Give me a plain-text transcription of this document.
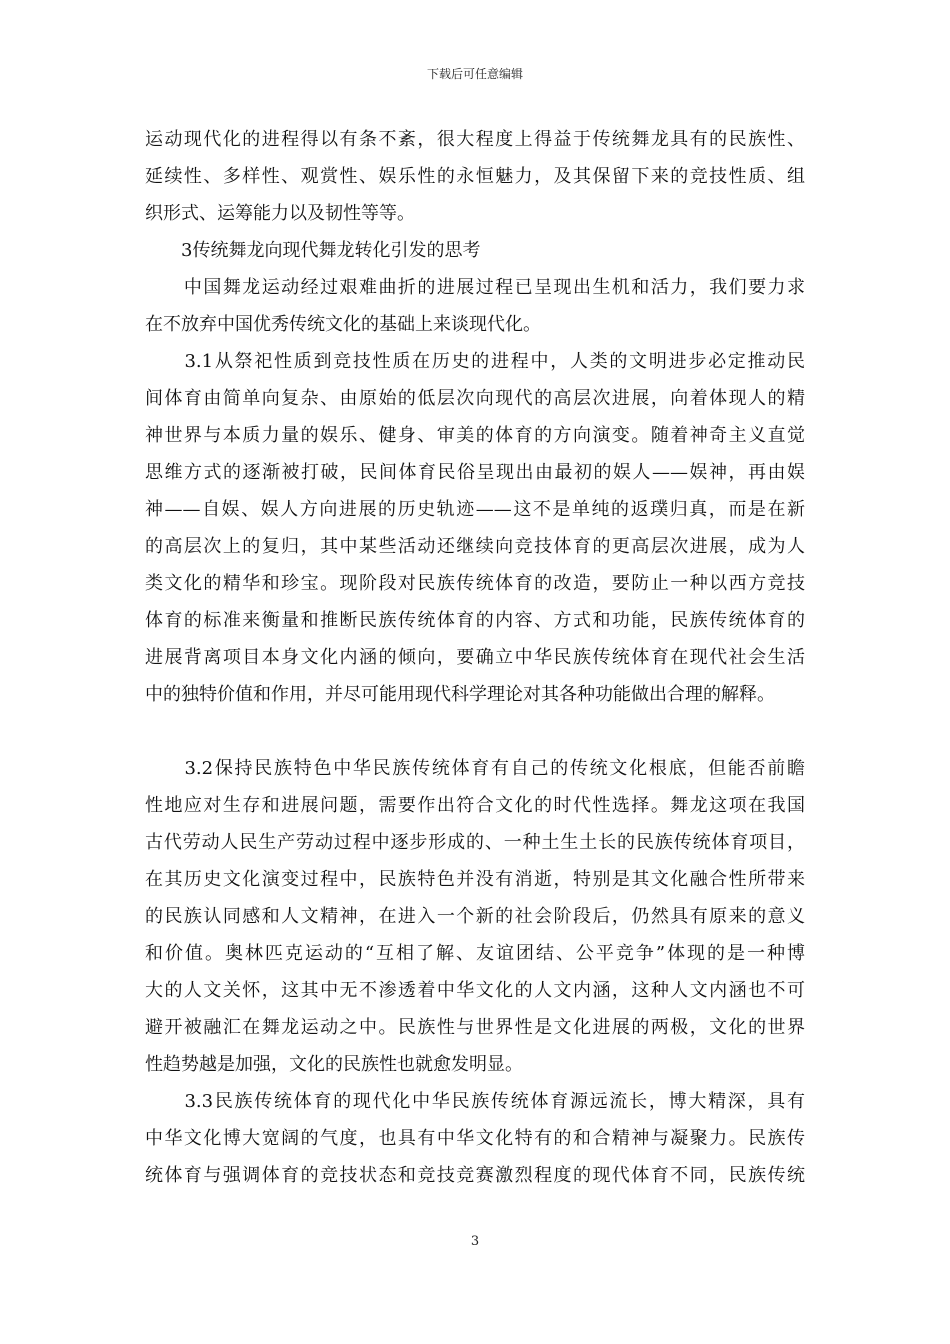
下载后可任意编辑
运动现代化的进程得以有条不紊，很大程度上得益于传统舞龙具有的民族性、
延续性、多样性、观赏性、娱乐性的永恒魅力，及其保留下来的竞技性质、组
织形式、运筹能力以及韧性等等。
　　3传统舞龙向现代舞龙转化引发的思考
　　中国舞龙运动经过艰难曲折的进展过程已呈现出生机和活力，我们要力求
在不放弃中国优秀传统文化的基础上来谈现代化。
　　3.1从祭祀性质到竞技性质在历史的进程中，人类的文明进步必定推动民
间体育由简单向复杂、由原始的低层次向现代的高层次进展，向着体现人的精
神世界与本质力量的娱乐、健身、审美的体育的方向演变。随着神奇主义直觉
思维方式的逐渐被打破，民间体育民俗呈现出由最初的娱人——娱神，再由娱
神——自娱、娱人方向进展的历史轨迹——这不是单纯的返璞归真，而是在新
的高层次上的复归，其中某些活动还继续向竞技体育的更高层次进展，成为人
类文化的精华和珍宝。现阶段对民族传统体育的改造，要防止一种以西方竞技
体育的标准来衡量和推断民族传统体育的内容、方式和功能，民族传统体育的
进展背离项目本身文化内涵的倾向，要确立中华民族传统体育在现代社会生活
中的独特价值和作用，并尽可能用现代科学理论对其各种功能做出合理的解释。
　　3.2保持民族特色中华民族传统体育有自己的传统文化根底，但能否前瞻
性地应对生存和进展问题，需要作出符合文化的时代性选择。舞龙这项在我国
古代劳动人民生产劳动过程中逐步形成的、一种土生土长的民族传统体育项目，
在其历史文化演变过程中，民族特色并没有消逝，特别是其文化融合性所带来
的民族认同感和人文精神，在进入一个新的社会阶段后，仍然具有原来的意义
和价值。奥林匹克运动的“互相了解、友谊团结、公平竞争”体现的是一种博
大的人文关怀，这其中无不渗透着中华文化的人文内涵，这种人文内涵也不可
避开被融汇在舞龙运动之中。民族性与世界性是文化进展的两极，文化的世界
性趋势越是加强，文化的民族性也就愈发明显。
　　3.3民族传统体育的现代化中华民族传统体育源远流长，博大精深，具有
中华文化博大宽阔的气度，也具有中华文化特有的和合精神与凝聚力。民族传
统体育与强调体育的竞技状态和竞技竞赛激烈程度的现代体育不同，民族传统
3
